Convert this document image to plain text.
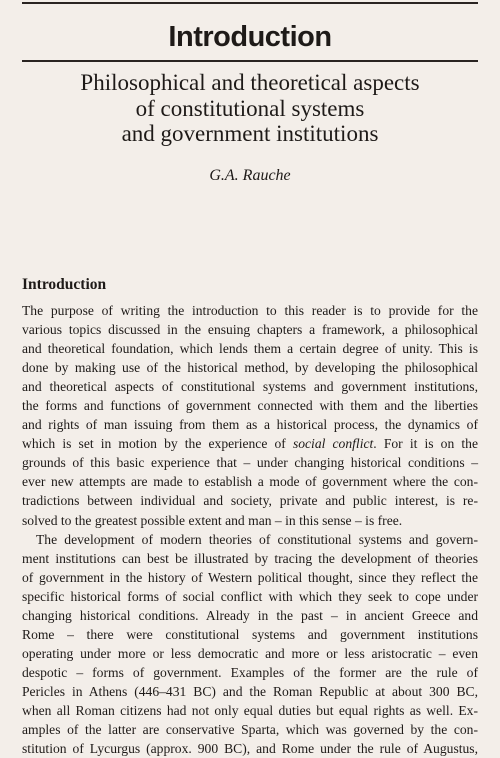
Introduction
Philosophical and theoretical aspects
of constitutional systems
and government institutions
G.A. Rauche
Introduction
The purpose of writing the introduction to this reader is to provide for the
various topics discussed in the ensuing chapters a framework, a philosophical
and theoretical foundation, which lends them a certain degree of unity. This is
done by making use of the historical method, by developing the philosophical
and theoretical aspects of constitutional systems and government institutions,
the forms and functions of government connected with them and the liberties
and rights of man issuing from them as a historical process, the dynamics of
which is set in motion by the experience of social conflict. For it is on the
grounds of this basic experience that – under changing historical conditions –
ever new attempts are made to establish a mode of government where the con-
tradictions between individual and society, private and public interest, is re-
solved to the greatest possible extent and man – in this sense – is free.
The development of modern theories of constitutional systems and govern-
ment institutions can best be illustrated by tracing the development of theories
of government in the history of Western political thought, since they reflect the
specific historical forms of social conflict with which they seek to cope under
changing historical conditions. Already in the past – in ancient Greece and
Rome – there were constitutional systems and government institutions
operating under more or less democratic and more or less aristocratic – even
despotic – forms of government. Examples of the former are the rule of
Pericles in Athens (446–431 BC) and the Roman Republic at about 300 BC,
when all Roman citizens had not only equal duties but equal rights as well. Ex-
amples of the latter are conservative Sparta, which was governed by the con-
stitution of Lycurgus (approx. 900 BC), and Rome under the rule of Augustus,
